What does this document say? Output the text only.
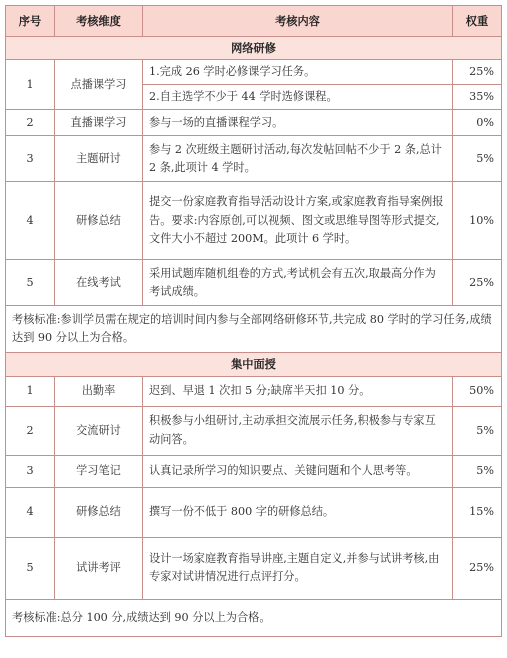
序号	考核维度	考核内容	权重
网络研修			
1	点播课学习	1.完成 26 学时必修课学习任务。	25%
		2.自主选学不少于 44 学时选修课程。	35%
2	直播课学习	参与一场的直播课程学习。	0%
3	主题研讨	参与 2 次班级主题研讨活动,每次发帖回帖不少于 2 条,总计 2 条,此项计 4 学时。	5%
4	研修总结	提交一份家庭教育指导活动设计方案,或家庭教育指导案例报告。要求:内容原创,可以视频、图文或思维导图等形式提交,文件大小不超过 200M。此项计 6 学时。	10%
5	在线考试	采用试题库随机组卷的方式,考试机会有五次,取最高分作为考试成绩。	25%
考核标准:参训学员需在规定的培训时间内参与全部网络研修环节,共完成 80 学时的学习任务,成绩达到 90 分以上为合格。			
集中面授			
1	出勤率	迟到、早退 1 次扣 5 分;缺席半天扣 10 分。	50%
2	交流研讨	积极参与小组研讨,主动承担交流展示任务,积极参与专家互动问答。	5%
3	学习笔记	认真记录所学习的知识要点、关键问题和个人思考等。	5%
4	研修总结	撰写一份不低于 800 字的研修总结。	15%
5	试讲考评	设计一场家庭教育指导讲座,主题自定义,并参与试讲考核,由专家对试讲情况进行点评打分。	25%
考核标准:总分 100 分,成绩达到 90 分以上为合格。			
